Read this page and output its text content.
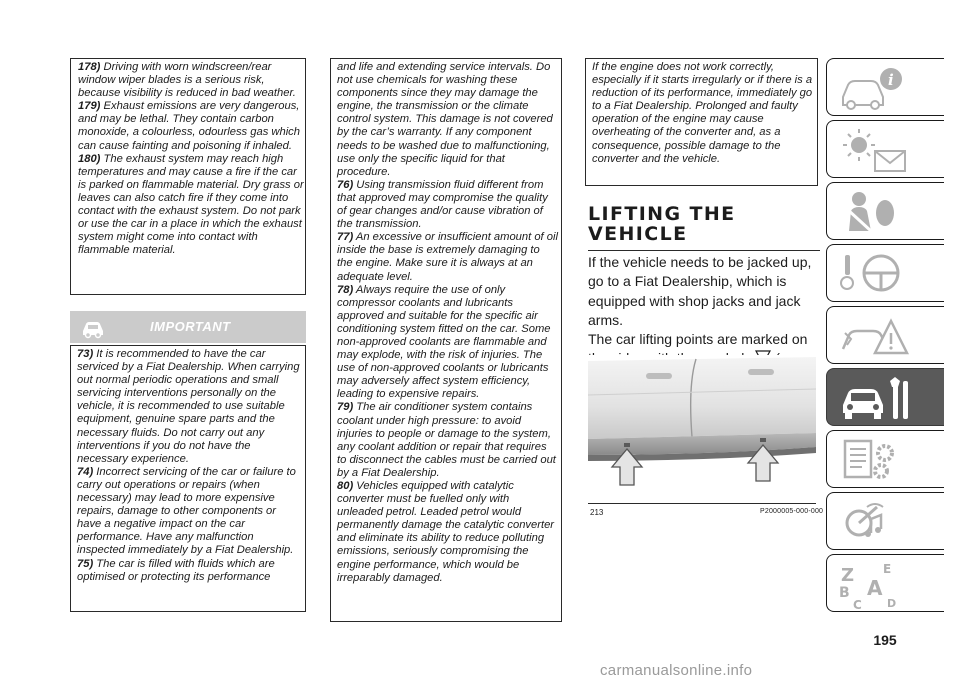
178) Driving with worn windscreen/rear window wiper blades is a serious risk, because visibility is reduced in bad weather.

179) Exhaust emissions are very dangerous, and may be lethal. They contain carbon monoxide, a colourless, odourless gas which can cause fainting and poisoning if inhaled.

180) The exhaust system may reach high temperatures and may cause a fire if the car is parked on flammable material. Dry grass or leaves can also catch fire if they come into contact with the exhaust system. Do not park or use the car in a place in which the exhaust system might come into contact with flammable material.

IMPORTANT

73) It is recommended to have the car serviced by a Fiat Dealership. When carrying out normal periodic operations and small servicing interventions personally on the vehicle, it is recommended to use suitable equipment, genuine spare parts and the necessary fluids. Do not carry out any interventions if you do not have the necessary experience.

74) Incorrect servicing of the car or failure to carry out operations or repairs (when necessary) may lead to more expensive repairs, damage to other components or have a negative impact on the car performance. Have any malfunction inspected immediately by a Fiat Dealership.

75) The car is filled with fluids which are optimised or protecting its performance

and life and extending service intervals. Do not use chemicals for washing these components since they may damage the engine, the transmission or the climate control system. This damage is not covered by the car’s warranty. If any component needs to be washed due to malfunctioning, use only the specific liquid for that procedure.

76) Using transmission fluid different from that approved may compromise the quality of gear changes and/or cause vibration of the transmission.

77) An excessive or insufficient amount of oil inside the base is extremely damaging to the engine. Make sure it is always at an adequate level.

78) Always require the use of only compressor coolants and lubricants approved and suitable for the specific air conditioning system fitted on the car. Some non-approved coolants are flammable and may explode, with the risk of injuries. The use of non-approved coolants or lubricants may adversely affect system efficiency, leading to expensive repairs.

79) The air conditioner system contains coolant under high pressure: to avoid injuries to people or damage to the system, any coolant addition or repair that requires to disconnect the cables must be carried out by a Fiat Dealership.

80) Vehicles equipped with catalytic converter must be fuelled only with unleaded petrol. Leaded petrol would permanently damage the catalytic converter and eliminate its ability to reduce polluting emissions, seriously compromising the engine performance, which would be irreparably damaged.

If the engine does not work correctly, especially if it starts irregularly or if there is a reduction of its performance, immediately go to a Fiat Dealership. Prolonged and faulty operation of the engine may cause overheating of the converter and, as a consequence, possible damage to the converter and the vehicle.

LIFTING THE
VEHICLE

If the vehicle needs to be jacked up, go to a Fiat Dealership, which is equipped with shop jacks and jack arms.

The car lifting points are marked on

213	P2000005-000-000
i
Z E
A
B
C D
195
carmanualsonline.info
